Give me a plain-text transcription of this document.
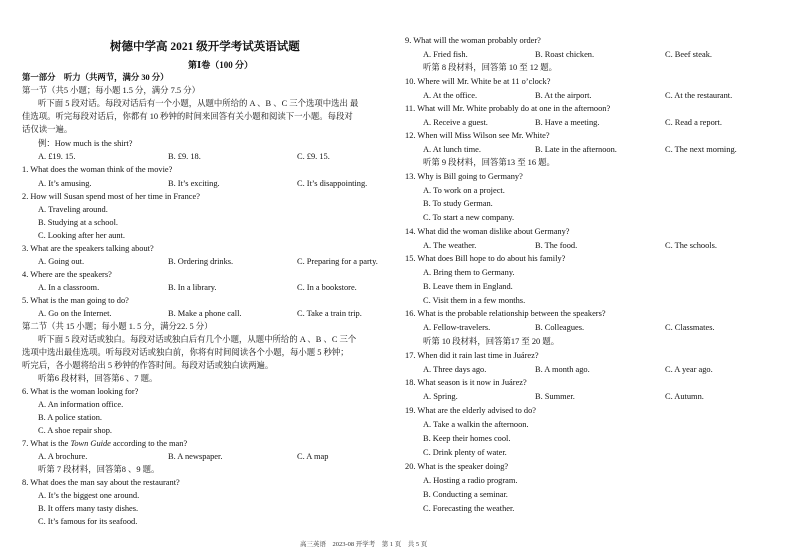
树德中学高 2021 级开学考试英语试题
第Ⅰ卷（100 分）
第一部分　听力（共两节，满分 30 分）
第一节（共5 小题；每小题 1.5 分，满分 7.5 分）
听下面 5 段对话。每段对话后有一个小题，从题中所给的 A 、B 、C 三个选项中选出 最
佳选项。听完每段对话后，你都有 10 秒钟的时间来回答有关小题和阅读下一小题。每段对
话仅读一遍。
例：How much is the shirt?
A. £19. 15.	B. £9. 18.	C. £9. 15.
1. What does the woman think of the movie?
A. It’s amusing.	B. It’s exciting.	C. It’s disappointing.
2. How will Susan spend most of her time in France?
A. Traveling around.
B. Studying at a school.
C. Looking after her aunt.
3. What are the speakers talking about?
A. Going out.	B. Ordering drinks.	C. Preparing for a party.
4. Where are the speakers?
A. In a classroom.	B. In a library.	C. In a bookstore.
5. What is the man going to do?
A. Go on the Internet.	B. Make a phone call.	C. Take a train trip.
第二节（共 15 小题；每小题 1. 5 分，满分22. 5 分）
听下面 5 段对话或独白。每段对话或独白后有几个小题，从题中所给的 A 、B 、C 三个
选项中选出最佳选项。听每段对话或独白前，你将有时间阅读各个小题，每小题 5 秒钟；
听完后，各小题将给出 5 秒钟的作答时间。每段对话或独白读两遍。
听第6 段材料，回答第6 、7 题。
6. What is the woman looking for?
A. An information office.
B. A police station.
C. A shoe repair shop.
7. What is the Town Guide according to the man?
A. A brochure.	B. A newspaper.	C. A map
听第 7 段材料，回答第8 、9 题。
8. What does the man say about the restaurant?
A. It’s the biggest one around.
B. It offers many tasty dishes.
C. It’s famous for its seafood.
9. What will the woman probably order?
A. Fried fish.	B. Roast chicken.	C. Beef steak.
听第 8 段材料，回答第 10 至 12 题。
10. Where will Mr. White be at 11 o’clock?
A. At the office.	B. At the airport.	C. At the restaurant.
11. What will Mr. White probably do at one in the afternoon?
A. Receive a guest.	B. Have a meeting.	C. Read a report.
12. When will Miss Wilson see Mr. White?
A. At lunch time.	B. Late in the afternoon.	C. The next morning.
听第 9 段材料，回答第13 至 16 题。
13. Why is Bill going to Germany?
A. To work on a project.
B. To study German.
C. To start a new company.
14. What did the woman dislike about Germany?
A. The weather.	B. The food.	C. The schools.
15. What does Bill hope to do about his family?
A. Bring them to Germany.
B. Leave them in England.
C. Visit them in a few months.
16. What is the probable relationship between the speakers?
A. Fellow-travelers.	B. Colleagues.	C. Classmates.
听第 10 段材料，回答第17 至 20 题。
17. When did it rain last time in Juárez?
A. Three days ago.	B. A month ago.	C. A year ago.
18. What season is it now in Juárez?
A. Spring.	B. Summer.	C. Autumn.
19. What are the elderly advised to do?
A. Take a walkin the afternoon.
B. Keep their homes cool.
C. Drink plenty of water.
20. What is the speaker doing?
A. Hosting a radio program.
B. Conducting a seminar.
C. Forecasting the weather.
高三英语　2023-08 开学考　第 1 页　共 5 页
